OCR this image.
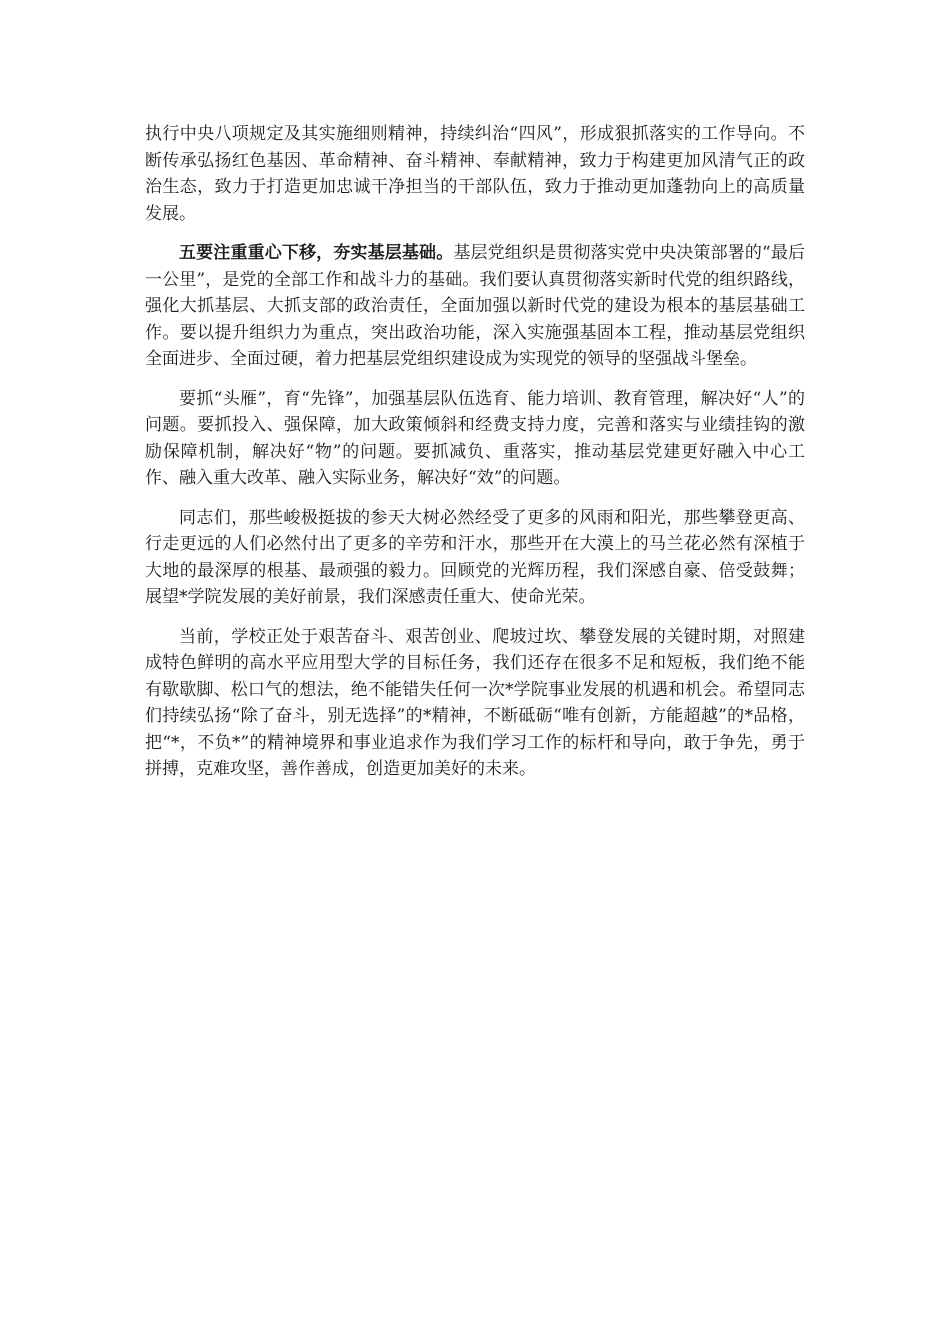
执行中央八项规定及其实施细则精神，持续纠治“四风”，形成狠抓落实的工作导向。不断传承弘扬红色基因、革命精神、奋斗精神、奉献精神，致力于构建更加风清气正的政治生态，致力于打造更加忠诚干净担当的干部队伍，致力于推动更加蓬勃向上的高质量发展。

五要注重重心下移，夯实基层基础。基层党组织是贯彻落实党中央决策部署的“最后一公里”，是党的全部工作和战斗力的基础。我们要认真贯彻落实新时代党的组织路线，强化大抓基层、大抓支部的政治责任，全面加强以新时代党的建设为根本的基层基础工作。要以提升组织力为重点，突出政治功能，深入实施强基固本工程，推动基层党组织全面进步、全面过硬，着力把基层党组织建设成为实现党的领导的坚强战斗堡垒。

要抓“头雁”，育“先锋”，加强基层队伍选育、能力培训、教育管理，解决好“人”的问题。要抓投入、强保障，加大政策倾斜和经费支持力度，完善和落实与业绩挂钩的激励保障机制，解决好“物”的问题。要抓减负、重落实，推动基层党建更好融入中心工作、融入重大改革、融入实际业务，解决好“效”的问题。

同志们，那些峻极挺拔的参天大树必然经受了更多的风雨和阳光，那些攀登更高、行走更远的人们必然付出了更多的辛劳和汗水，那些开在大漠上的马兰花必然有深植于大地的最深厚的根基、最顽强的毅力。回顾党的光辉历程，我们深感自豪、倍受鼓舞；展望*学院发展的美好前景，我们深感责任重大、使命光荣。

当前，学校正处于艰苦奋斗、艰苦创业、爬坡过坎、攀登发展的关键时期，对照建成特色鲜明的高水平应用型大学的目标任务，我们还存在很多不足和短板，我们绝不能有歇歇脚、松口气的想法，绝不能错失任何一次*学院事业发展的机遇和机会。希望同志们持续弘扬“除了奋斗，别无选择”的*精神，不断砥砺“唯有创新，方能超越”的*品格，把“*，不负*”的精神境界和事业追求作为我们学习工作的标杆和导向，敢于争先，勇于拼搏，克难攻坚，善作善成，创造更加美好的未来。
